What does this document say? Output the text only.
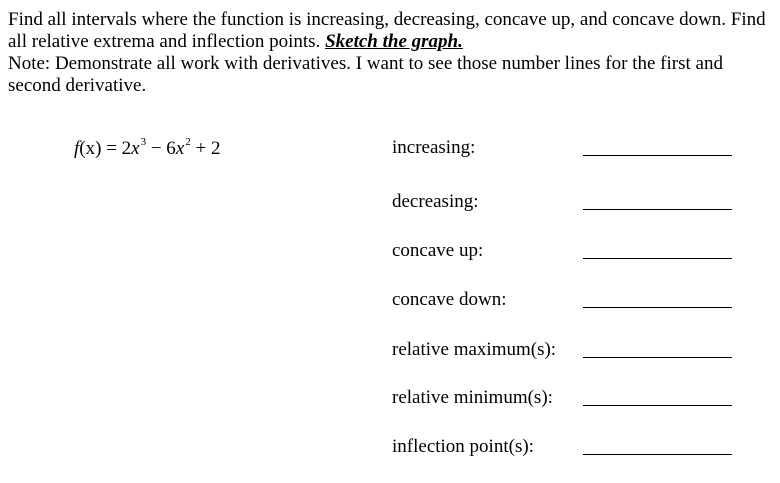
Find all intervals where the function is increasing, decreasing, concave up, and concave down. Find all relative extrema and inflection points. Sketch the graph.

Note: Demonstrate all work with derivatives. I want to see those number lines for the first and second derivative.

$f(x) = 2x^3 - 6x^2 + 2$	increasing:
decreasing:
concave up:
concave down:
relative maximum(s):
relative minimum(s):
inflection point(s):
